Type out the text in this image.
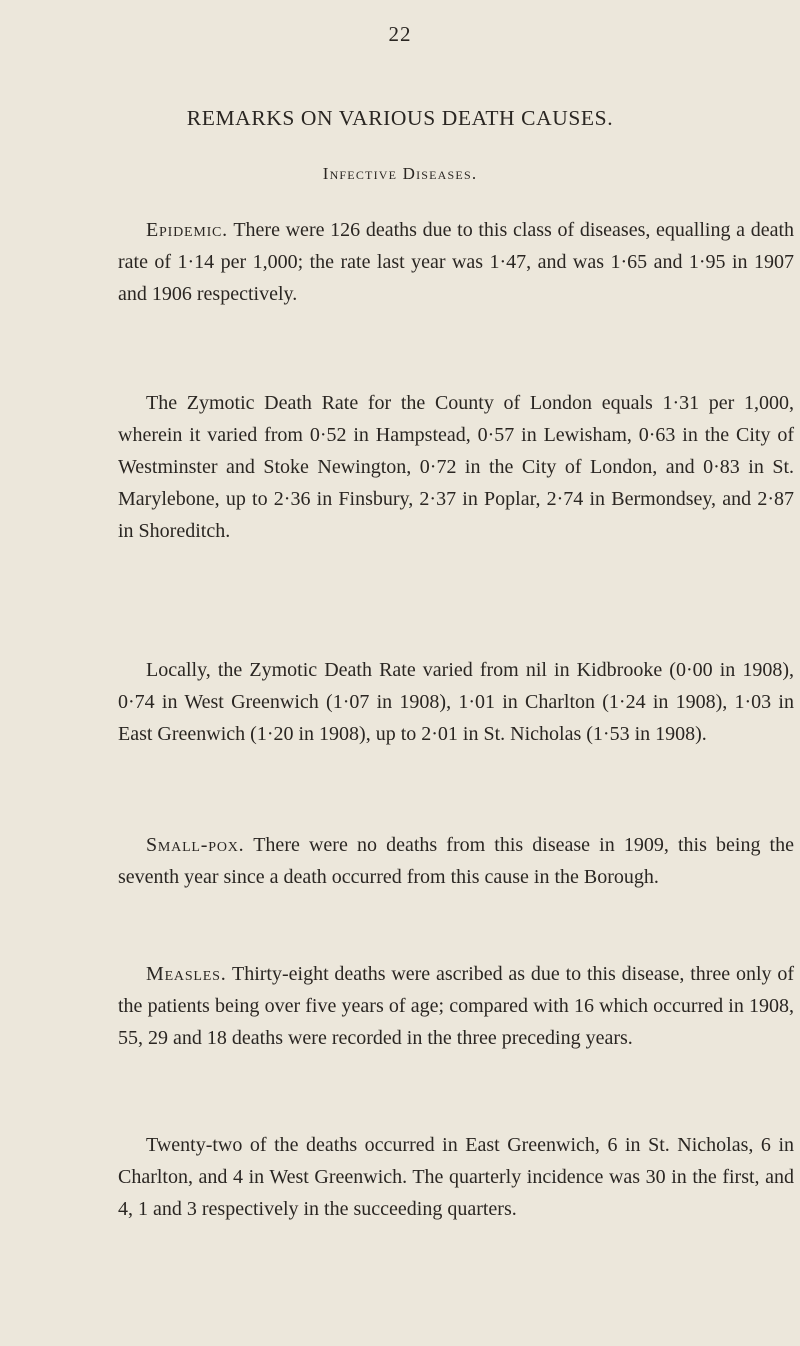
22
REMARKS ON VARIOUS DEATH CAUSES.
Infective Diseases.

Epidemic. There were 126 deaths due to this class of diseases, equalling a death rate of 1·14 per 1,000; the rate last year was 1·47, and was 1·65 and 1·95 in 1907 and 1906 respectively.

The Zymotic Death Rate for the County of London equals 1·31 per 1,000, wherein it varied from 0·52 in Hampstead, 0·57 in Lewisham, 0·63 in the City of Westminster and Stoke Newington, 0·72 in the City of London, and 0·83 in St. Marylebone, up to 2·36 in Finsbury, 2·37 in Poplar, 2·74 in Bermondsey, and 2·87 in Shoreditch.

Locally, the Zymotic Death Rate varied from nil in Kidbrooke (0·00 in 1908), 0·74 in West Greenwich (1·07 in 1908), 1·01 in Charlton (1·24 in 1908), 1·03 in East Greenwich (1·20 in 1908), up to 2·01 in St. Nicholas (1·53 in 1908).

Small-pox. There were no deaths from this disease in 1909, this being the seventh year since a death occurred from this cause in the Borough.

Measles. Thirty-eight deaths were ascribed as due to this disease, three only of the patients being over five years of age; compared with 16 which occurred in 1908, 55, 29 and 18 deaths were recorded in the three preceding years.

Twenty-two of the deaths occurred in East Greenwich, 6 in St. Nicholas, 6 in Charlton, and 4 in West Greenwich. The quarterly incidence was 30 in the first, and 4, 1 and 3 respectively in the succeeding quarters.
